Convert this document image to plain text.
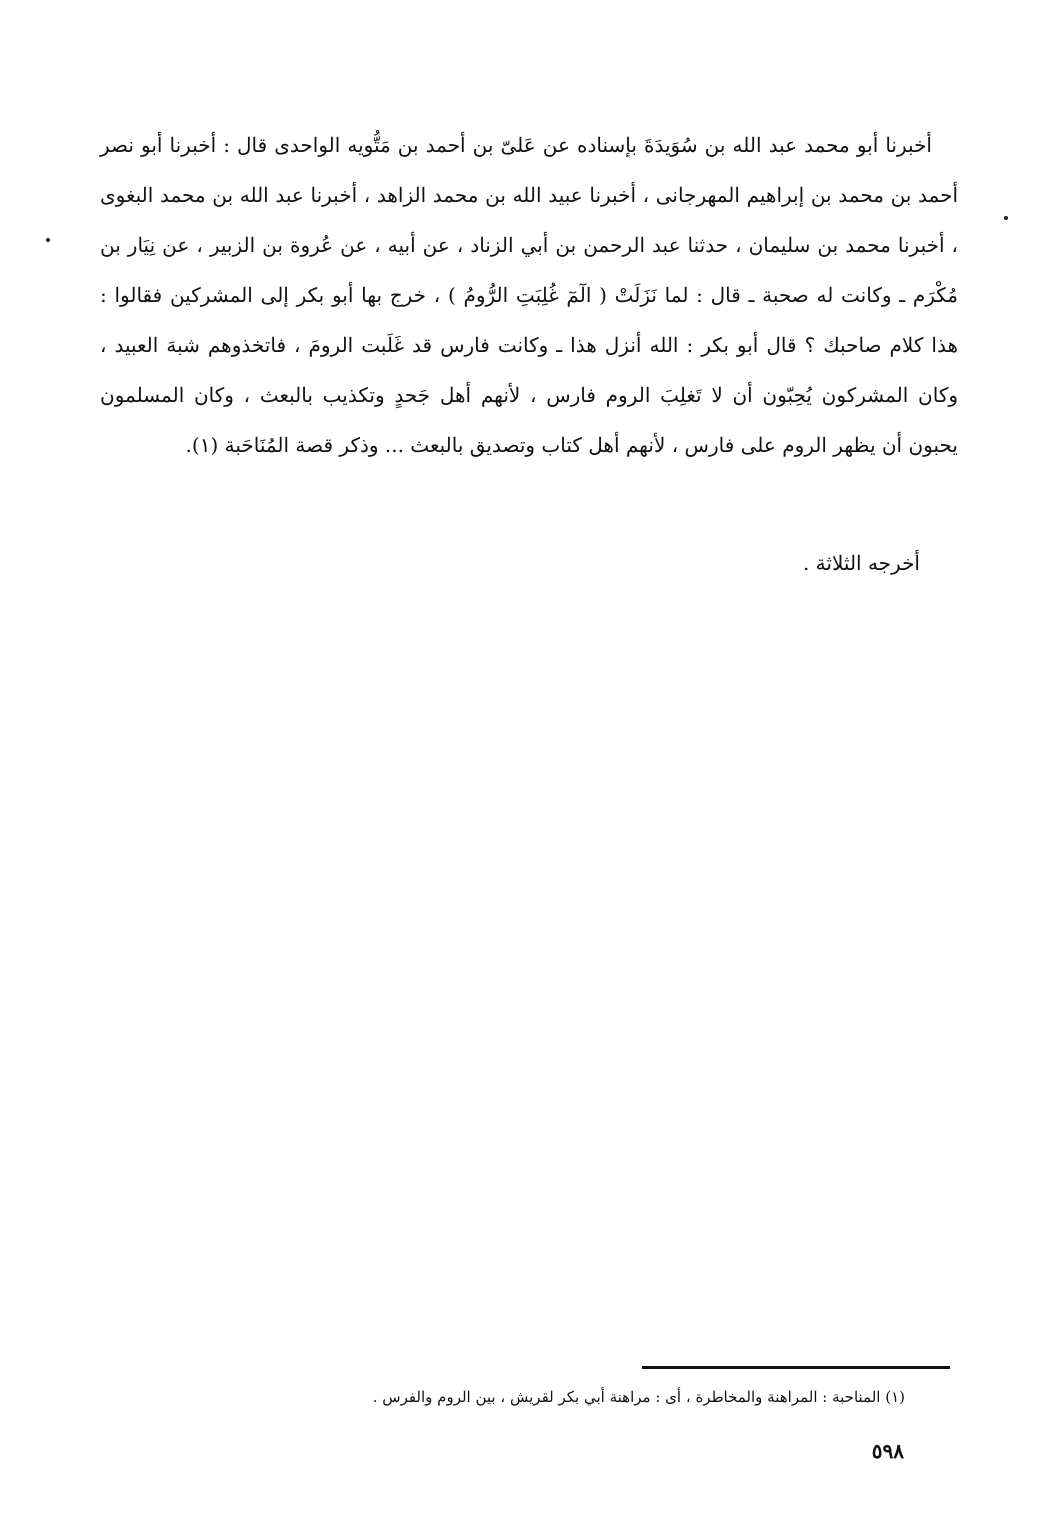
أخبرنا أبو محمد عبد الله بن سُوَيدَةَ بإسناده عن عَلىّ بن أحمد بن مَتُّويه الواحدى قال : أخبرنا أبو نصر أحمد بن محمد بن إبراهيم المهرجانى ، أخبرنا عبيد الله بن محمد الزاهد ، أخبرنا عبد الله بن محمد البغوى ، أخبرنا محمد بن سليمان ، حدثنا عبد الرحمن بن أبي الزناد ، عن أبيه ، عن عُروة بن الزبير ، عن نِيَار بن مُكْرَم ـ وكانت له صحبة ـ قال : لما نَزَلَتْ ( الٓمٓ غُلِبَتِ الرُّومُ ) ، خرج بها أبو بكر إلى المشركين فقالوا : هذا كلام صاحبك ؟ قال أبو بكر : الله أنزل هذا ـ وكانت فارس قد غَلَبت الرومَ ، فاتخذوهم شبهَ العبيد ، وكان المشركون يُحِبّون أن لا تَغلِبَ الروم فارس ، لأنهم أهل جَحدٍ وتكذيب بالبعث ، وكان المسلمون يحبون أن يظهر الروم على فارس ، لأنهم أهل كتاب وتصديق بالبعث ... وذكر قصة المُنَاحَبة (١).

أخرجه الثلاثة .
(١) المناحبة : المراهنة والمخاطرة ، أى : مراهنة أبي بكر لقريش ، بين الروم والفرس .
٥٩٨
